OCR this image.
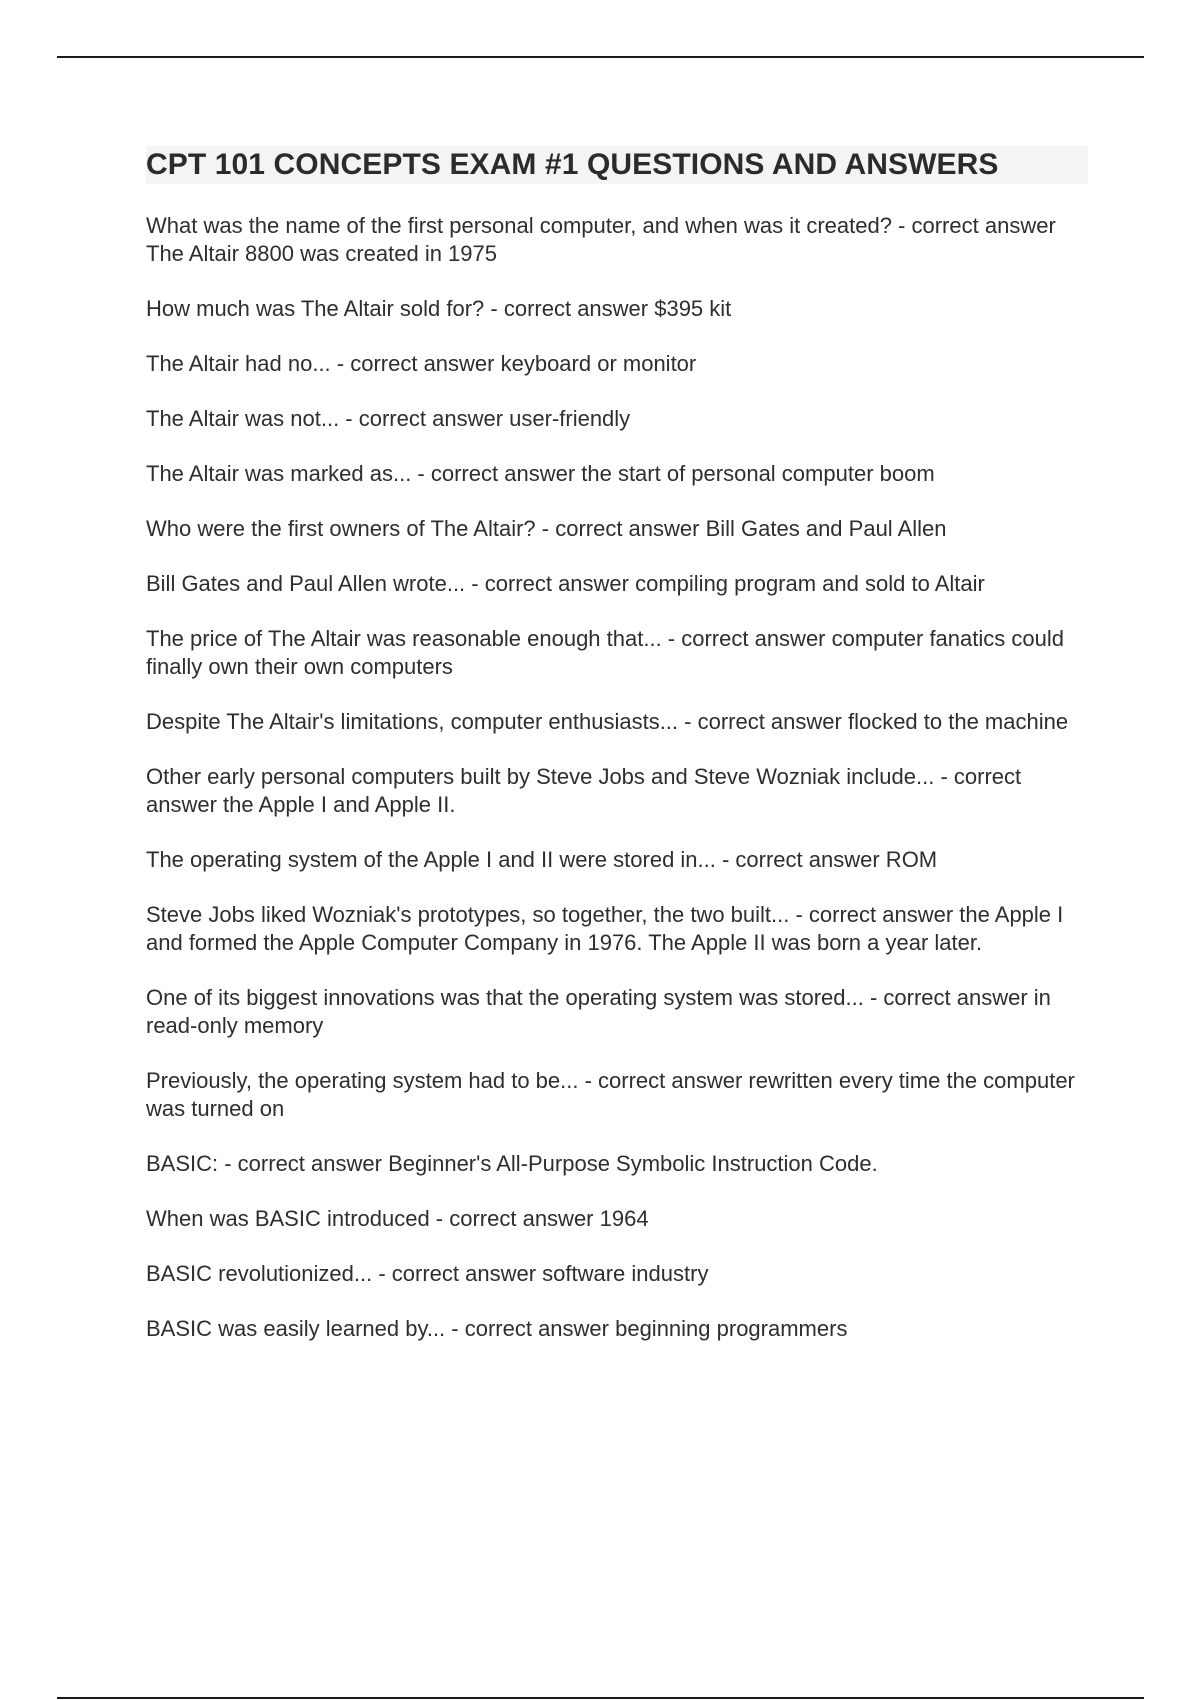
CPT 101 CONCEPTS EXAM #1 QUESTIONS AND ANSWERS

What was the name of the first personal computer, and when was it created? - correct answer The Altair 8800 was created in 1975

How much was The Altair sold for? - correct answer $395 kit

The Altair had no... - correct answer keyboard or monitor

The Altair was not... - correct answer user-friendly

The Altair was marked as... - correct answer the start of personal computer boom

Who were the first owners of The Altair? - correct answer Bill Gates and Paul Allen

Bill Gates and Paul Allen wrote... - correct answer compiling program and sold to Altair

The price of The Altair was reasonable enough that... - correct answer computer fanatics could finally own their own computers

Despite The Altair's limitations, computer enthusiasts... - correct answer flocked to the machine

Other early personal computers built by Steve Jobs and Steve Wozniak include... - correct answer the Apple I and Apple II.

The operating system of the Apple I and II were stored in... - correct answer ROM

Steve Jobs liked Wozniak's prototypes, so together, the two built... - correct answer the Apple I and formed the Apple Computer Company in 1976. The Apple II was born a year later.

One of its biggest innovations was that the operating system was stored... - correct answer in read-only memory

Previously, the operating system had to be... - correct answer rewritten every time the computer was turned on

BASIC: - correct answer Beginner's All-Purpose Symbolic Instruction Code.

When was BASIC introduced - correct answer 1964

BASIC revolutionized... - correct answer software industry

BASIC was easily learned by... - correct answer beginning programmers
